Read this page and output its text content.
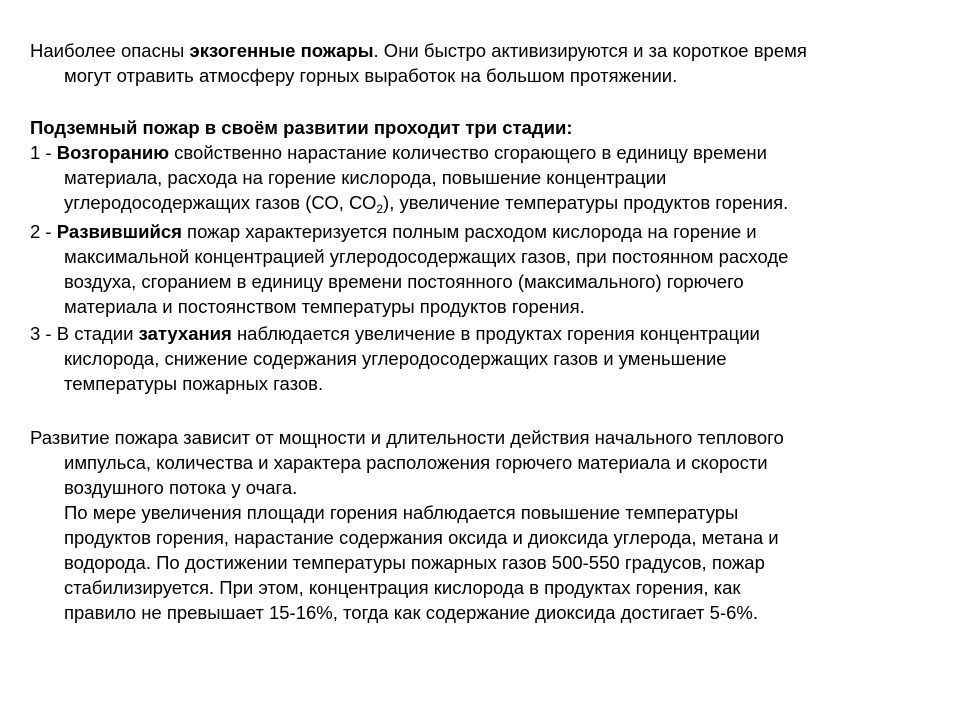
Наиболее опасны экзогенные пожары. Они быстро активизируются и за короткое время
могут отравить атмосферу горных выработок на большом протяжении.

Подземный пожар в своём развитии проходит три стадии:

1 - Возгоранию свойственно нарастание количество сгорающего в единицу времени
материала, расхода на горение кислорода, повышение концентрации
углеродосодержащих газов (СО, $СО_2$), увеличение температуры продуктов горения.

2 - Развившийся пожар характеризуется полным расходом кислорода на горение и
максимальной концентрацией углеродосодержащих газов, при постоянном расходе
воздуха, сгоранием в единицу времени постоянного (максимального) горючего
материала и постоянством температуры продуктов горения.

3 - В стадии затухания наблюдается увеличение в продуктах горения концентрации
кислорода, снижение содержания углеродосодержащих газов и уменьшение
температуры пожарных газов.

Развитие пожара зависит от мощности и длительности действия начального теплового
импульса, количества и характера расположения горючего материала и скорости
воздушного потока у очага.
По мере увеличения площади горения наблюдается повышение температуры
продуктов горения, нарастание содержания оксида и диоксида углерода, метана и
водорода. По достижении температуры пожарных газов 500-550 градусов, пожар
стабилизируется. При этом, концентрация кислорода в продуктах горения, как
правило не превышает 15-16%, тогда как содержание диоксида достигает 5-6%.
